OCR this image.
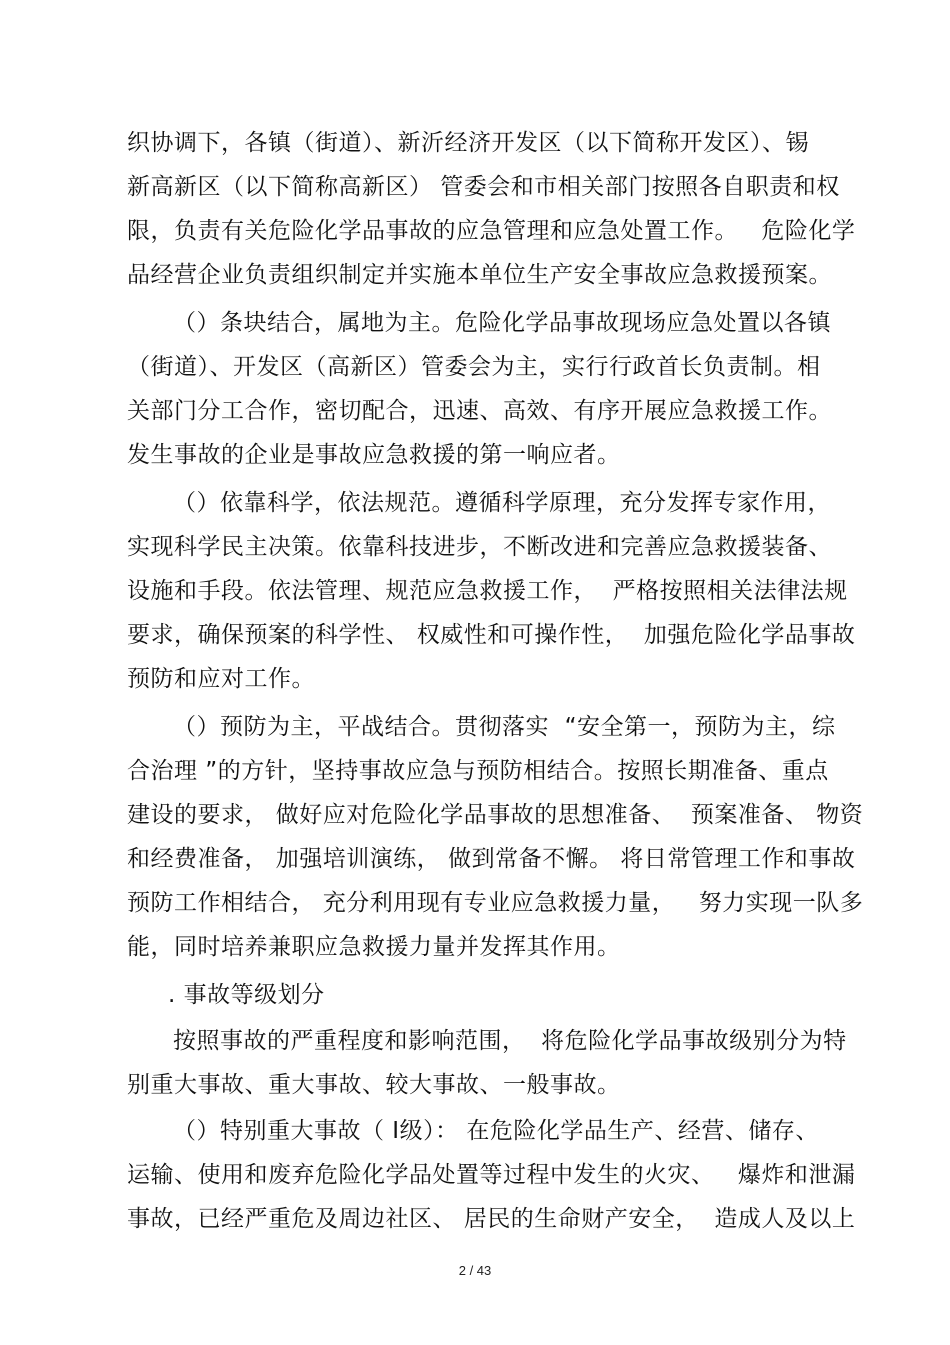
织协调下，各镇（街道）、新沂经济开发区（以下简称开发区）、锡
新高新区（以下简称高新区） 管委会和市相关部门按照各自职责和权
限，负责有关危险化学品事故的应急管理和应急处置工作。   危险化学
品经营企业负责组织制定并实施本单位生产安全事故应急救援预案。
（）条块结合，属地为主。危险化学品事故现场应急处置以各镇
（街道）、开发区（高新区）管委会为主，实行行政首长负责制。相
关部门分工合作，密切配合，迅速、高效、有序开展应急救援工作。
发生事故的企业是事故应急救援的第一响应者。
（）依靠科学，依法规范。遵循科学原理，充分发挥专家作用，
实现科学民主决策。依靠科技进步，不断改进和完善应急救援装备、
设施和手段。依法管理、规范应急救援工作，  严格按照相关法律法规
要求，确保预案的科学性、 权威性和可操作性，  加强危险化学品事故
预防和应对工作。
（）预防为主，平战结合。贯彻落实  “安全第一，预防为主，综
合治理 ”的方针，坚持事故应急与预防相结合。按照长期准备、重点
建设的要求， 做好应对危险化学品事故的思想准备、  预案准备、 物资
和经费准备， 加强培训演练， 做到常备不懈。 将日常管理工作和事故
预防工作相结合， 充分利用现有专业应急救援力量，   努力实现一队多
能，同时培养兼职应急救援力量并发挥其作用。
. 事故等级划分
按照事故的严重程度和影响范围，  将危险化学品事故级别分为特
别重大事故、重大事故、较大事故、一般事故。
（）特别重大事故（ Ⅰ级）： 在危险化学品生产、经营、储存、
运输、使用和废弃危险化学品处置等过程中发生的火灾、   爆炸和泄漏
事故，已经严重危及周边社区、 居民的生命财产安全，  造成人及以上
2 / 43
